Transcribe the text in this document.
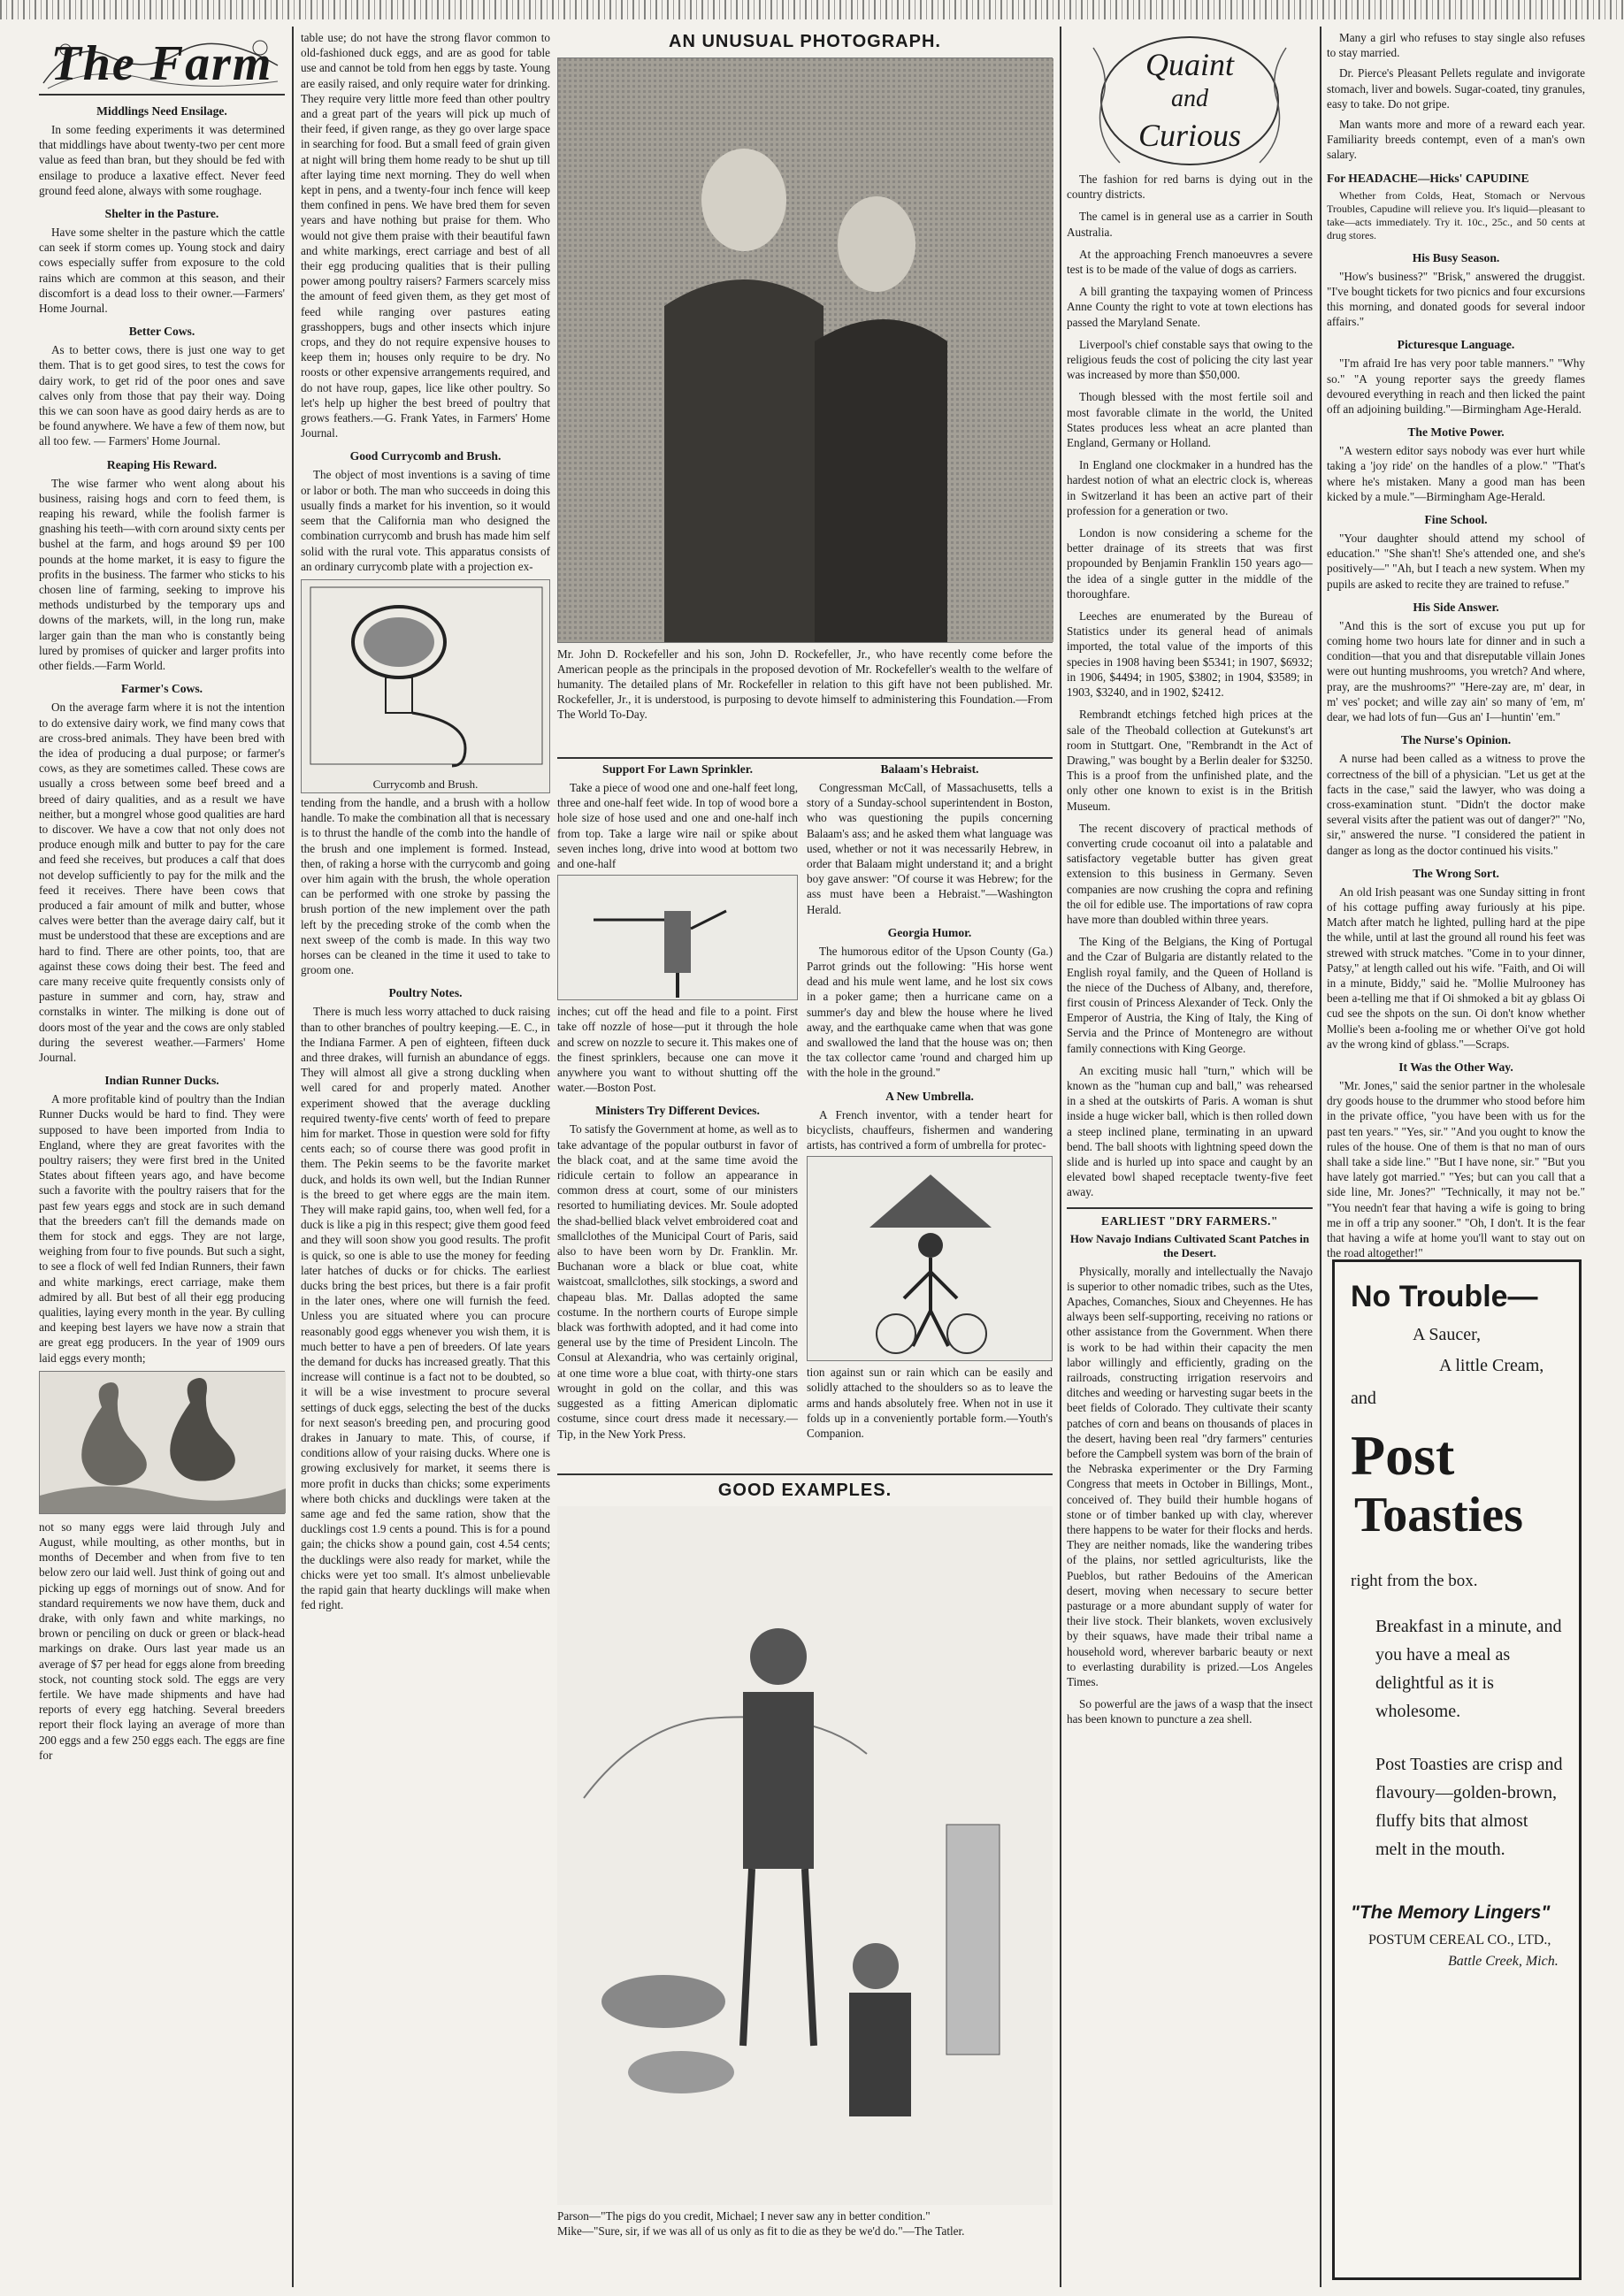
The Farm
Middlings Need Ensilage.

In some feeding experiments it was determined that middlings have about twenty-two per cent more value as feed than bran, but they should be fed with ensilage to produce a laxative effect. Never feed ground feed alone, always with some roughage.

Shelter in the Pasture.

Have some shelter in the pasture which the cattle can seek if storm comes up. Young stock and dairy cows especially suffer from exposure to the cold rains which are common at this season, and their discomfort is a dead loss to their owner.—Farmers' Home Journal.

Better Cows.

As to better cows, there is just one way to get them. That is to get good sires, to test the cows for dairy work, to get rid of the poor ones and save calves only from those that pay their way. Doing this we can soon have as good dairy herds as are to be found anywhere. We have a few of them now, but all too few. — Farmers' Home Journal.

Reaping His Reward.

The wise farmer who went along about his business, raising hogs and corn to feed them, is reaping his reward, while the foolish farmer is gnashing his teeth—with corn around sixty cents per bushel at the farm, and hogs around $9 per 100 pounds at the home market, it is easy to figure the profits in the business. The farmer who sticks to his chosen line of farming, seeking to improve his methods undisturbed by the temporary ups and downs of the markets, will, in the long run, make larger gain than the man who is constantly being lured by promises of quicker and larger profits into other fields.—Farm World.

Farmer's Cows.

On the average farm where it is not the intention to do extensive dairy work, we find many cows that are cross-bred animals. They have been bred with the idea of producing a dual purpose; or farmer's cows, as they are sometimes called. These cows are usually a cross between some beef breed and a breed of dairy qualities, and as a result we have neither, but a mongrel whose good qualities are hard to discover. We have a cow that not only does not produce enough milk and butter to pay for the care and feed she receives, but produces a calf that does not develop sufficiently to pay for the milk and the feed it receives. There have been cows that produced a fair amount of milk and butter, whose calves were better than the average dairy calf, but it must be understood that these are exceptions and are hard to find. There are other points, too, that are against these cows doing their best. The feed and care many receive quite frequently consists only of pasture in summer and corn, hay, straw and cornstalks in winter. The milking is done out of doors most of the year and the cows are only stabled during the severest weather.—Farmers' Home Journal.

Indian Runner Ducks.

A more profitable kind of poultry than the Indian Runner Ducks would be hard to find. They were supposed to have been imported from India to England, where they are great favorites with the poultry raisers; they were first bred in the United States about fifteen years ago, and have become such a favorite with the poultry raisers that for the past few years eggs and stock are in such demand that the breeders can't fill the demands made on them for stock and eggs. They are not large, weighing from four to five pounds. But such a sight, to see a flock of well fed Indian Runners, their fawn and white markings, erect carriage, make them admired by all. But best of all their egg producing qualities, laying every month in the year. By culling and keeping best layers we have now a strain that are great egg producers. In the year of 1909 ours laid eggs every month;

not so many eggs were laid through July and August, while moulting, as other months, but in months of December and when from five to ten below zero our laid well. Just think of going out and picking up eggs of mornings out of snow. And for standard requirements we now have them, duck and drake, with only fawn and white markings, no brown or penciling on duck or green or black-head markings on drake. Ours last year made us an average of $7 per head for eggs alone from breeding stock, not counting stock sold. The eggs are very fertile. We have made shipments and have had reports of every egg hatching. Several breeders report their flock laying an average of more than 200 eggs and a few 250 eggs each. The eggs are fine for

table use; do not have the strong flavor common to old-fashioned duck eggs, and are as good for table use and cannot be told from hen eggs by taste. Young are easily raised, and only require water for drinking. They require very little more feed than other poultry and a great part of the years will pick up much of their feed, if given range, as they go over large space in searching for food. But a small feed of grain given at night will bring them home ready to be shut up till after laying time next morning. They do well when kept in pens, and a twenty-four inch fence will keep them confined in pens. We have bred them for seven years and have nothing but praise for them. Who would not give them praise with their beautiful fawn and white markings, erect carriage and best of all their egg producing qualities that is their pulling power among poultry raisers? Farmers scarcely miss the amount of feed given them, as they get most of feed while ranging over pastures eating grasshoppers, bugs and other insects which injure crops, and they do not require expensive houses to keep them in; houses only require to be dry. No roosts or other expensive arrangements required, and do not have roup, gapes, lice like other poultry. So let's help up higher the best breed of poultry that grows feathers.—G. Frank Yates, in Farmers' Home Journal.

Good Currycomb and Brush.

The object of most inventions is a saving of time or labor or both. The man who succeeds in doing this usually finds a market for his invention, so it would seem that the California man who designed the combination currycomb and brush has made him self solid with the rural vote. This apparatus consists of an ordinary currycomb plate with a projection ex-

Currycomb and Brush.

tending from the handle, and a brush with a hollow handle. To make the combination all that is necessary is to thrust the handle of the comb into the handle of the brush and one implement is formed. Instead, then, of raking a horse with the currycomb and going over him again with the brush, the whole operation can be performed with one stroke by passing the brush portion of the new implement over the path left by the preceding stroke of the comb when the next sweep of the comb is made. In this way two horses can be cleaned in the time it used to take to groom one.

Poultry Notes.

There is much less worry attached to duck raising than to other branches of poultry keeping.—E. C., in the Indiana Farmer. A pen of eighteen, fifteen duck and three drakes, will furnish an abundance of eggs. They will almost all give a strong duckling when well cared for and properly mated. Another experiment showed that the average duckling required twenty-five cents' worth of feed to prepare him for market. Those in question were sold for fifty cents each; so of course there was good profit in them. The Pekin seems to be the favorite market duck, and holds its own well, but the Indian Runner is the breed to get where eggs are the main item. They will make rapid gains, too, when well fed, for a duck is like a pig in this respect; give them good feed and they will soon show you good results. The profit is quick, so one is able to use the money for feeding later hatches of ducks or for chicks. The earliest ducks bring the best prices, but there is a fair profit in the later ones, where one will furnish the feed. Unless you are situated where you can procure reasonably good eggs whenever you wish them, it is much better to have a pen of breeders. Of late years the demand for ducks has increased greatly. That this increase will continue is a fact not to be doubted, so it will be a wise investment to procure several settings of duck eggs, selecting the best of the ducks for next season's breeding pen, and procuring good drakes in January to mate. This, of course, if conditions allow of your raising ducks. Where one is growing exclusively for market, it seems there is more profit in ducks than chicks; some experiments where both chicks and ducklings were taken at the same age and fed the same ration, show that the ducklings cost 1.9 cents a pound. This is for a pound gain; the chicks show a pound gain, cost 4.54 cents; the ducklings were also ready for market, while the chicks were yet too small. It's almost unbelievable the rapid gain that hearty ducklings will make when fed right.

AN UNUSUAL PHOTOGRAPH.

Mr. John D. Rockefeller and his son, John D. Rockefeller, Jr., who have recently come before the American people as the principals in the proposed devotion of Mr. Rockefeller's wealth to the welfare of humanity. The detailed plans of Mr. Rockefeller in relation to this gift have not been published. Mr. Rockefeller, Jr., it is understood, is purposing to devote himself to administering this Foundation.—From The World To-Day.

Support For Lawn Sprinkler.

Take a piece of wood one and one-half feet long, three and one-half feet wide. In top of wood bore a hole size of hose used and one and one-half inch from top. Take a large wire nail or spike about seven inches long, drive into wood at bottom two and one-half

inches; cut off the head and file to a point. First take off nozzle of hose—put it through the hole and screw on nozzle to secure it. This makes one of the finest sprinklers, because one can move it anywhere you want to without shutting off the water.—Boston Post.

Ministers Try Different Devices.

To satisfy the Government at home, as well as to take advantage of the popular outburst in favor of the black coat, and at the same time avoid the ridicule certain to follow an appearance in common dress at court, some of our ministers resorted to humiliating devices. Mr. Soule adopted the shad-bellied black velvet embroidered coat and smallclothes of the Municipal Court of Paris, said also to have been worn by Dr. Franklin. Mr. Buchanan wore a black or blue coat, white waistcoat, smallclothes, silk stockings, a sword and chapeau blas. Mr. Dallas adopted the same costume. In the northern courts of Europe simple black was forthwith adopted, and it had come into general use by the time of President Lincoln. The Consul at Alexandria, who was certainly original, at one time wore a blue coat, with thirty-one stars wrought in gold on the collar, and this was suggested as a fitting American diplomatic costume, since court dress made it necessary.—Tip, in the New York Press.

Balaam's Hebraist.

Congressman McCall, of Massachusetts, tells a story of a Sunday-school superintendent in Boston, who was questioning the pupils concerning Balaam's ass; and he asked them what language was used, whether or not it was necessarily Hebrew, in order that Balaam might understand it; and a bright boy gave answer: "Of course it was Hebrew; for the ass must have been a Hebraist."—Washington Herald.

Georgia Humor.

The humorous editor of the Upson County (Ga.) Parrot grinds out the following: "His horse went dead and his mule went lame, and he lost six cows in a poker game; then a hurricane came on a summer's day and blew the house where he lived away, and the earthquake came when that was gone and swallowed the land that the house was on; then the tax collector came 'round and charged him up with the hole in the ground."

A New Umbrella.

A French inventor, with a tender heart for bicyclists, chauffeurs, fishermen and wandering artists, has contrived a form of umbrella for protec-

tion against sun or rain which can be easily and solidly attached to the shoulders so as to leave the arms and hands absolutely free. When not in use it folds up in a conveniently portable form.—Youth's Companion.

GOOD EXAMPLES.

Parson—"The pigs do you credit, Michael; I never saw any in better condition."

Mike—"Sure, sir, if we was all of us only as fit to die as they be we'd do."—The Tatler.

Quaint
and
Curious

The fashion for red barns is dying out in the country districts.

The camel is in general use as a carrier in South Australia.

At the approaching French manoeuvres a severe test is to be made of the value of dogs as carriers.

A bill granting the taxpaying women of Princess Anne County the right to vote at town elections has passed the Maryland Senate.

Liverpool's chief constable says that owing to the religious feuds the cost of policing the city last year was increased by more than $50,000.

Though blessed with the most fertile soil and most favorable climate in the world, the United States produces less wheat an acre planted than England, Germany or Holland.

In England one clockmaker in a hundred has the hardest notion of what an electric clock is, whereas in Switzerland it has been an active part of their profession for a generation or two.

London is now considering a scheme for the better drainage of its streets that was first propounded by Benjamin Franklin 150 years ago—the idea of a single gutter in the middle of the thoroughfare.

Leeches are enumerated by the Bureau of Statistics under its general head of animals imported, the total value of the imports of this species in 1908 having been $5341; in 1907, $6932; in 1906, $4494; in 1905, $3802; in 1904, $3589; in 1903, $3240, and in 1902, $2412.

Rembrandt etchings fetched high prices at the sale of the Theobald collection at Gutekunst's art room in Stuttgart. One, "Rembrandt in the Act of Drawing," was bought by a Berlin dealer for $3250. This is a proof from the unfinished plate, and the only other one known to exist is in the British Museum.

The recent discovery of practical methods of converting crude cocoanut oil into a palatable and satisfactory vegetable butter has given great extension to this business in Germany. Seven companies are now crushing the copra and refining the oil for edible use. The importations of raw copra have more than doubled within three years.

The King of the Belgians, the King of Portugal and the Czar of Bulgaria are distantly related to the English royal family, and the Queen of Holland is the niece of the Duchess of Albany, and, therefore, first cousin of Princess Alexander of Teck. Only the Emperor of Austria, the King of Italy, the King of Servia and the Prince of Montenegro are without family connections with King George.

An exciting music hall "turn," which will be known as the "human cup and ball," was rehearsed in a shed at the outskirts of Paris. A woman is shut inside a huge wicker ball, which is then rolled down a steep inclined plane, terminating in an upward bend. The ball shoots with lightning speed down the slide and is hurled up into space and caught by an elevated bowl shaped receptacle twenty-five feet away.

EARLIEST "DRY FARMERS."
How Navajo Indians Cultivated Scant Patches in the Desert.

Physically, morally and intellectually the Navajo is superior to other nomadic tribes, such as the Utes, Apaches, Comanches, Sioux and Cheyennes. He has always been self-supporting, receiving no rations or other assistance from the Government. When there is work to be had within their capacity the men labor willingly and efficiently, grading on the railroads, constructing irrigation reservoirs and ditches and weeding or harvesting sugar beets in the beet fields of Colorado. They cultivate their scanty patches of corn and beans on thousands of places in the desert, having been real "dry farmers" centuries before the Campbell system was born of the brain of the Nebraska experimenter or the Dry Farming Congress that meets in October in Billings, Mont., conceived of. They build their humble hogans of stone or of timber banked up with clay, wherever there happens to be water for their flocks and herds. They are neither nomads, like the wandering tribes of the plains, nor settled agriculturists, like the Pueblos, but rather Bedouins of the American desert, moving when necessary to secure better pasturage or a more abundant supply of water for their live stock. Their blankets, woven exclusively by their squaws, have made their tribal name a household word, wherever barbaric beauty or next to everlasting durability is prized.—Los Angeles Times.

So powerful are the jaws of a wasp that the insect has been known to puncture a zea shell.

Many a girl who refuses to stay single also refuses to stay married.

Dr. Pierce's Pleasant Pellets regulate and invigorate stomach, liver and bowels. Sugar-coated, tiny granules, easy to take. Do not gripe.

Man wants more and more of a reward each year. Familiarity breeds contempt, even of a man's own salary.

For HEADACHE—Hicks' CAPUDINE

Whether from Colds, Heat, Stomach or Nervous Troubles, Capudine will relieve you. It's liquid—pleasant to take—acts immediately. Try it. 10c., 25c., and 50 cents at drug stores.

His Busy Season.

"How's business?" "Brisk," answered the druggist. "I've bought tickets for two picnics and four excursions this morning, and donated goods for several indoor affairs."

Picturesque Language.

"I'm afraid Ire has very poor table manners." "Why so." "A young reporter says the greedy flames devoured everything in reach and then licked the paint off an adjoining building."—Birmingham Age-Herald.

The Motive Power.

"A western editor says nobody was ever hurt while taking a 'joy ride' on the handles of a plow." "That's where he's mistaken. Many a good man has been kicked by a mule."—Birmingham Age-Herald.

Fine School.

"Your daughter should attend my school of education." "She shan't! She's attended one, and she's positively—" "Ah, but I teach a new system. When my pupils are asked to recite they are trained to refuse."

His Side Answer.

"And this is the sort of excuse you put up for coming home two hours late for dinner and in such a condition—that you and that disreputable villain Jones were out hunting mushrooms, you wretch? And where, pray, are the mushrooms?" "Here-zay are, m' dear, in m' ves' pocket; and wille zay ain' so many of 'em, m' dear, we had lots of fun—Gus an' I—huntin' 'em."

The Nurse's Opinion.

A nurse had been called as a witness to prove the correctness of the bill of a physician. "Let us get at the facts in the case," said the lawyer, who was doing a cross-examination stunt. "Didn't the doctor make several visits after the patient was out of danger?" "No, sir," answered the nurse. "I considered the patient in danger as long as the doctor continued his visits."

The Wrong Sort.

An old Irish peasant was one Sunday sitting in front of his cottage puffing away furiously at his pipe. Match after match he lighted, pulling hard at the pipe the while, until at last the ground all round his feet was strewed with struck matches. "Come in to your dinner, Patsy," at length called out his wife. "Faith, and Oi will in a minute, Biddy," said he. "Mollie Mulrooney has been a-telling me that if Oi shmoked a bit ay gblass Oi cud see the shpots on the sun. Oi don't know whether Mollie's been a-fooling me or whether Oi've got hold av the wrong kind of gblass."—Scraps.

It Was the Other Way.

"Mr. Jones," said the senior partner in the wholesale dry goods house to the drummer who stood before him in the private office, "you have been with us for the past ten years." "Yes, sir." "And you ought to know the rules of the house. One of them is that no man of ours shall take a side line." "But I have none, sir." "But you have lately got married." "Yes; but can you call that a side line, Mr. Jones?" "Technically, it may not be." "You needn't fear that having a wife is going to bring me in off a trip any sooner." "Oh, I don't. It is the fear that having a wife at home you'll want to stay out on the road altogether!"

No Trouble—
A Saucer,
A little Cream,
and
Post
Toasties
right from the box.
Breakfast in a minute, and you have a meal as delightful as it is wholesome.
Post Toasties are crisp and flavoury—golden-brown, fluffy bits that almost melt in the mouth.
"The Memory Lingers"
POSTUM CEREAL CO., LTD.,
Battle Creek, Mich.
